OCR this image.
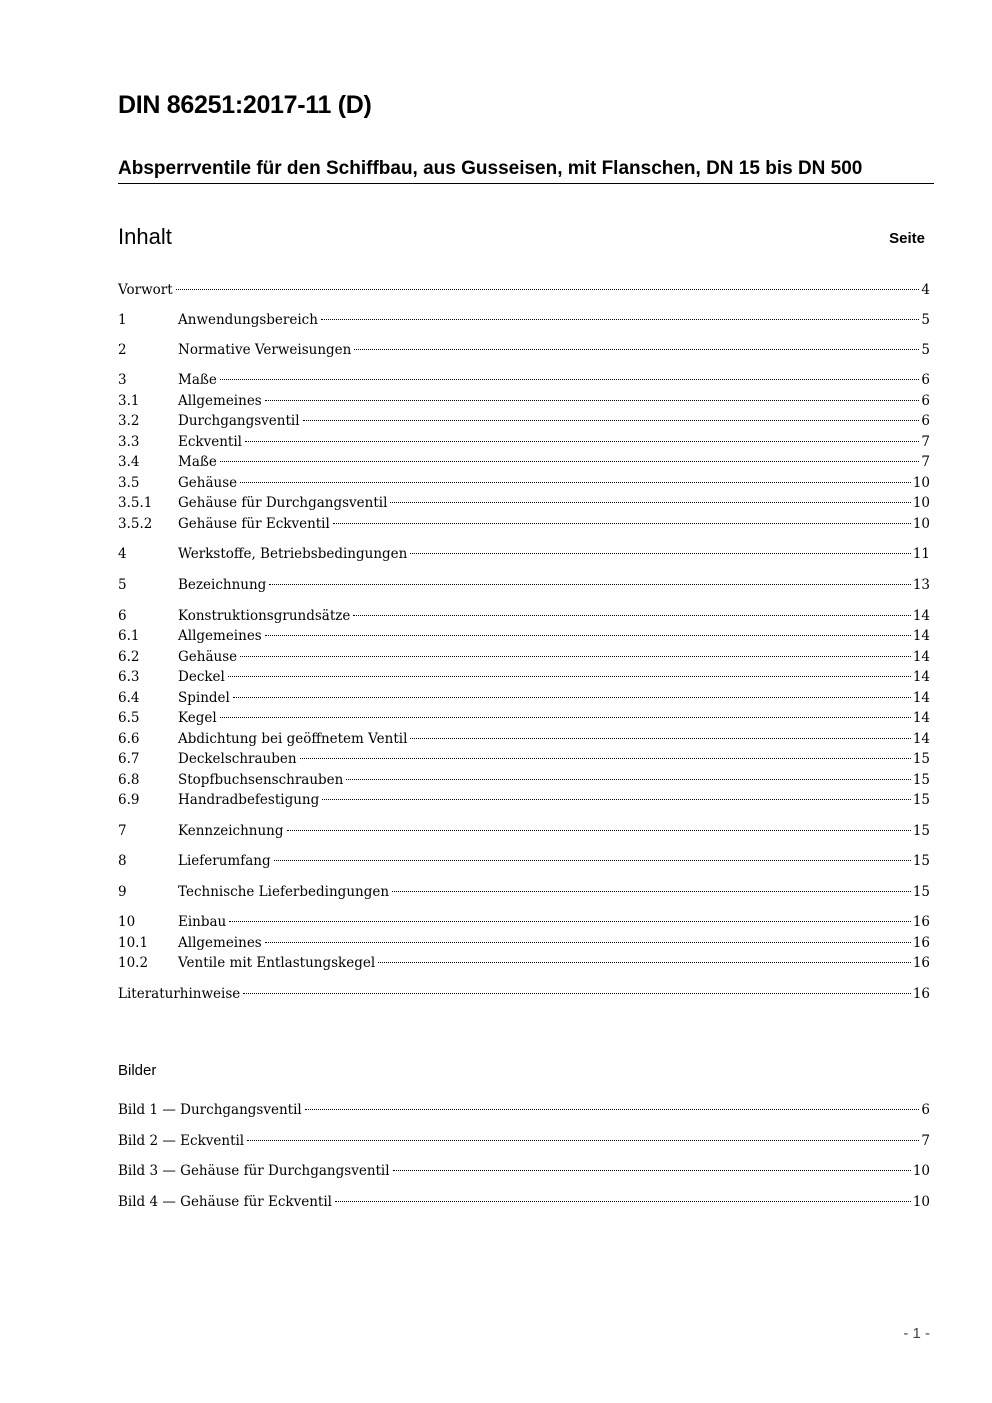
DIN 86251:2017-11 (D)
Absperrventile für den Schiffbau, aus Gusseisen, mit Flanschen, DN 15 bis DN 500
Inhalt	Seite
Vorwort	4
1	Anwendungsbereich	5
2	Normative Verweisungen	5
3	Maße	6
3.1	Allgemeines	6
3.2	Durchgangsventil	6
3.3	Eckventil	7
3.4	Maße	7
3.5	Gehäuse	10
3.5.1	Gehäuse für Durchgangsventil	10
3.5.2	Gehäuse für Eckventil	10
4	Werkstoffe, Betriebsbedingungen	11
5	Bezeichnung	13
6	Konstruktionsgrundsätze	14
6.1	Allgemeines	14
6.2	Gehäuse	14
6.3	Deckel	14
6.4	Spindel	14
6.5	Kegel	14
6.6	Abdichtung bei geöffnetem Ventil	14
6.7	Deckelschrauben	15
6.8	Stopfbuchsenschrauben	15
6.9	Handradbefestigung	15
7	Kennzeichnung	15
8	Lieferumfang	15
9	Technische Lieferbedingungen	15
10	Einbau	16
10.1	Allgemeines	16
10.2	Ventile mit Entlastungskegel	16
Literaturhinweise	16
Bilder
Bild 1 — Durchgangsventil	6
Bild 2 — Eckventil	7
Bild 3 — Gehäuse für Durchgangsventil	10
Bild 4 — Gehäuse für Eckventil	10
- 1 -
